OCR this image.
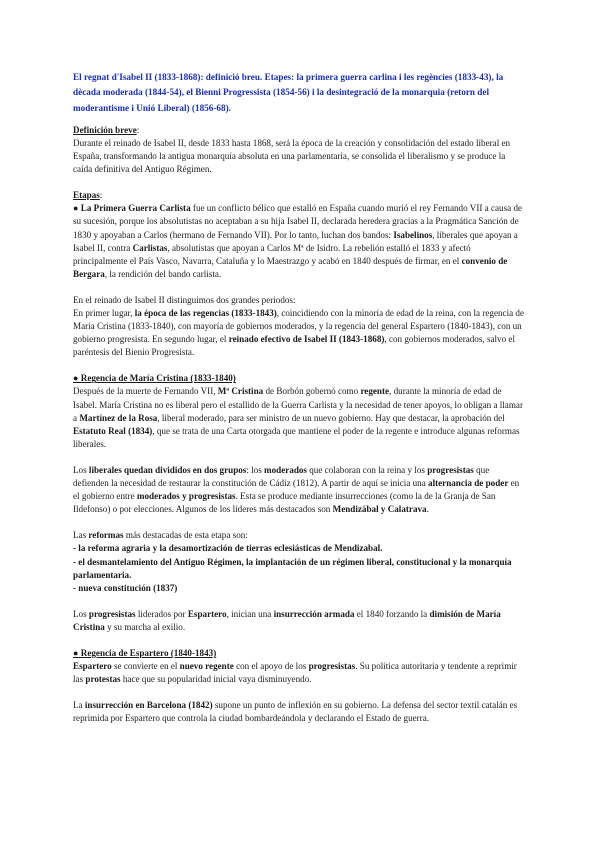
El regnat d'Isabel II (1833-1868): definició breu. Etapes: la primera guerra carlina i les regències (1833-43), la dècada moderada (1844-54), el Bienni Progressista (1854-56) i la desintegració de la monarquia (retorn del moderantisme i Unió Liberal) (1856-68).

Definición breve:

Durante el reinado de Isabel II, desde 1833 hasta 1868, será la época de la creación y consolidación del estado liberal en España, transformando la antigua monarquía absoluta en una parlamentaria, se consolida el liberalismo y se produce la caída definitiva del Antiguo Régimen.

Etapas:

● La Primera Guerra Carlista fue un conflicto bélico que estalló en España cuando murió el rey Fernando VII a causa de su sucesión, porque los absolutistas no aceptaban a su hija Isabel II, declarada heredera gracias a la Pragmática Sanción de 1830 y apoyaban a Carlos (hermano de Fernando VII). Por lo tanto, luchan dos bandos: Isabelinos, liberales que apoyan a Isabel II, contra Carlistas, absolutistas que apoyan a Carlos Mª de Isidro. La rebelión estalló el 1833 y afectó principalmente el País Vasco, Navarra, Cataluña y lo Maestrazgo y acabó en 1840 después de firmar, en el convenio de Bergara, la rendición del bando carlista.

En el reinado de Isabel II distinguimos dos grandes periodos:

En primer lugar, la época de las regencias (1833-1843), coincidiendo con la minoría de edad de la reina, con la regencia de María Cristina (1833-1840), con mayoría de gobiernos moderados, y la regencia del general Espartero (1840-1843), con un gobierno progresista. En segundo lugar, el reinado efectivo de Isabel II (1843-1868), con gobiernos moderados, salvo el paréntesis del Bienio Progresista.

● Regencia de María Cristina (1833-1840)

Después de la muerte de Fernando VII, Mª Cristina de Borbón gobernó como regente, durante la minoría de edad de Isabel. María Cristina no es liberal pero el estallido de la Guerra Carlista y la necesidad de tener apoyos, lo obligan a llamar a Martínez de la Rosa, liberal moderado, para ser ministro de un nuevo gobierno. Hay que destacar, la aprobación del Estatuto Real (1834), que se trata de una Carta otorgada que mantiene el poder de la regente e introduce algunas reformas liberales.

Los liberales quedan divididos en dos grupos: los moderados que colaboran con la reina y los progresistas que defienden la necesidad de restaurar la constitución de Cádiz (1812). A partir de aquí se inicia una alternancia de poder en el gobierno entre moderados y progresistas. Esta se produce mediante insurrecciones (como la de la Granja de San Ildefonso) o por elecciones. Algunos de los líderes más destacados son Mendizábal y Calatrava.

Las reformas más destacadas de esta etapa son:

- la reforma agraria y la desamortización de tierras eclesiásticas de Mendizabal.

- el desmantelamiento del Antiguo Régimen, la implantación de un régimen liberal, constitucional y la monarquía parlamentaria.

- nueva constitución (1837)

Los progresistas liderados por Espartero, inician una insurrección armada el 1840 forzando la dimisión de María Cristina y su marcha al exilio.

● Regencia de Espartero (1840-1843)

Espartero se convierte en el nuevo regente con el apoyo de los progresistas. Su política autoritaria y tendente a reprimir las protestas hace que su popularidad inicial vaya disminuyendo.

La insurrección en Barcelona (1842) supone un punto de inflexión en su gobierno. La defensa del sector textil catalán es reprimida por Espartero que controla la ciudad bombardeándola y declarando el Estado de guerra.
